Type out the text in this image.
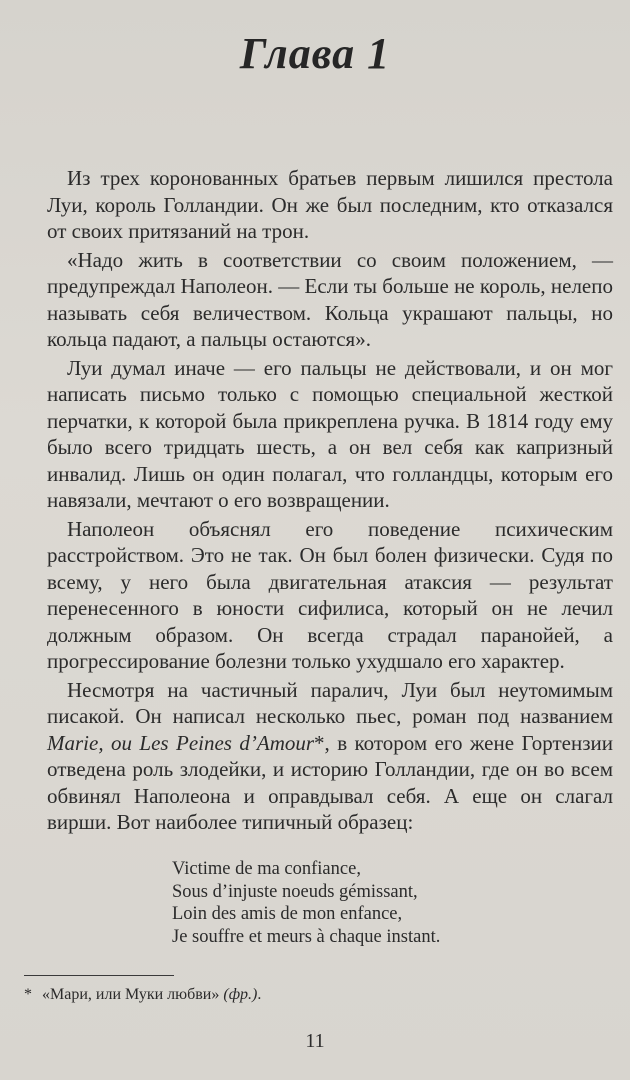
Глава 1

Из трех коронованных братьев первым лишился престола Луи, король Голландии. Он же был последним, кто отказался от своих притязаний на трон.

«Надо жить в соответствии со своим положением, — предупреждал Наполеон. — Если ты больше не король, нелепо называть себя величеством. Кольца украшают пальцы, но кольца падают, а пальцы остаются».

Луи думал иначе — его пальцы не действовали, и он мог написать письмо только с помощью специальной жесткой перчатки, к которой была прикреплена ручка. В 1814 году ему было всего тридцать шесть, а он вел себя как капризный инвалид. Лишь он один полагал, что голландцы, которым его навязали, мечтают о его возвращении.

Наполеон объяснял его поведение психическим расстройством. Это не так. Он был болен физически. Судя по всему, у него была двигательная атаксия — результат перенесенного в юности сифилиса, который он не лечил должным образом. Он всегда страдал паранойей, а прогрессирование болезни только ухудшало его характер.

Несмотря на частичный паралич, Луи был неутомимым писакой. Он написал несколько пьес, роман под названием Marie, ou Les Peines d’Amour*, в котором его жене Гортензии отведена роль злодейки, и историю Голландии, где он во всем обвинял Наполеона и оправдывал себя. А еще он слагал вирши. Вот наиболее типичный образец:

Victime de ma confiance,
Sous d’injuste noeuds gémissant,
Loin des amis de mon enfance,
Je souffre et meurs à chaque instant.
* «Мари, или Муки любви» (фр.).
11
